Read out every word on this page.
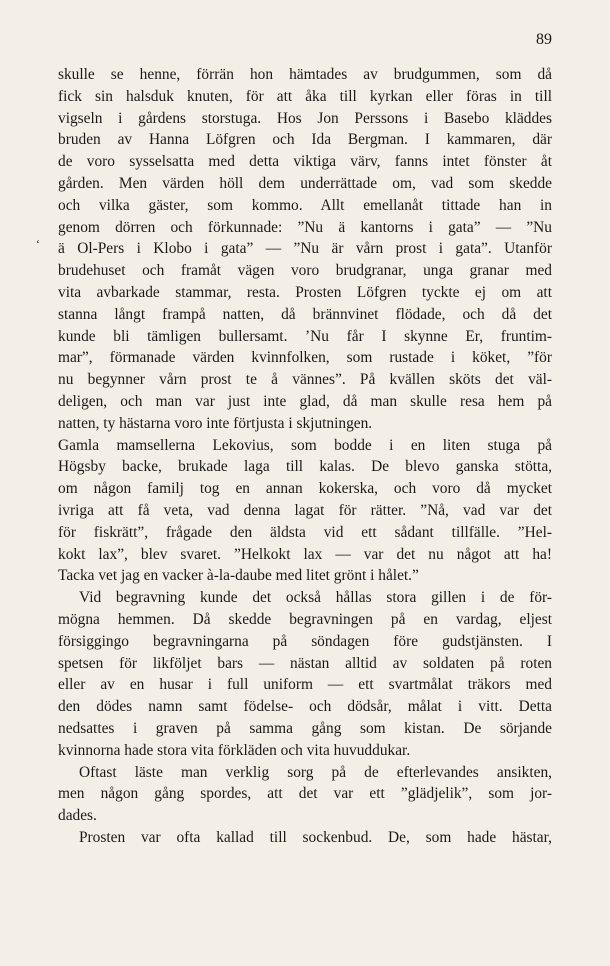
89
ʻ
skulle se henne, förrän hon hämtades av brudgummen, som då
fick sin halsduk knuten, för att åka till kyrkan eller föras in till
vigseln i gårdens storstuga. Hos Jon Perssons i Basebo kläddes
bruden av Hanna Löfgren och Ida Bergman. I kammaren, där
de voro sysselsatta med detta viktiga värv, fanns intet fönster åt
gården. Men värden höll dem underrättade om, vad som skedde
och vilka gäster, som kommo. Allt emellanåt tittade han in
genom dörren och förkunnade: ”Nu ä kantorns i gata” — ”Nu
ä Ol-Pers i Klobo i gata” — ”Nu är vårn prost i gata”. Utanför
brudehuset och framåt vägen voro brudgranar, unga granar med
vita avbarkade stammar, resta. Prosten Löfgren tyckte ej om att
stanna långt frampå natten, då brännvinet flödade, och då det
kunde bli tämligen bullersamt. ’Nu får I skynne Er, fruntim-
mar”, förmanade värden kvinnfolken, som rustade i köket, ”för
nu begynner vårn prost te å vännes”. På kvällen sköts det väl-
deligen, och man var just inte glad, då man skulle resa hem på
natten, ty hästarna voro inte förtjusta i skjutningen.
Gamla mamsellerna Lekovius, som bodde i en liten stuga på
Högsby backe, brukade laga till kalas. De blevo ganska stötta,
om någon familj tog en annan kokerska, och voro då mycket
ivriga att få veta, vad denna lagat för rätter. ”Nå, vad var det
för fiskrätt”, frågade den äldsta vid ett sådant tillfälle. ”Hel-
kokt lax”, blev svaret. ”Helkokt lax — var det nu något att ha!
Tacka vet jag en vacker à-la-daube med litet grönt i hålet.”
Vid begravning kunde det också hållas stora gillen i de för-
mögna hemmen. Då skedde begravningen på en vardag, eljest
försiggingo begravningarna på söndagen före gudstjänsten. I
spetsen för likföljet bars — nästan alltid av soldaten på roten
eller av en husar i full uniform — ett svartmålat träkors med
den dödes namn samt födelse- och dödsår, målat i vitt. Detta
nedsattes i graven på samma gång som kistan. De sörjande
kvinnorna hade stora vita förkläden och vita huvuddukar.
Oftast läste man verklig sorg på de efterlevandes ansikten,
men någon gång spordes, att det var ett ”glädjelik”, som jor-
dades.
Prosten var ofta kallad till sockenbud. De, som hade hästar,
